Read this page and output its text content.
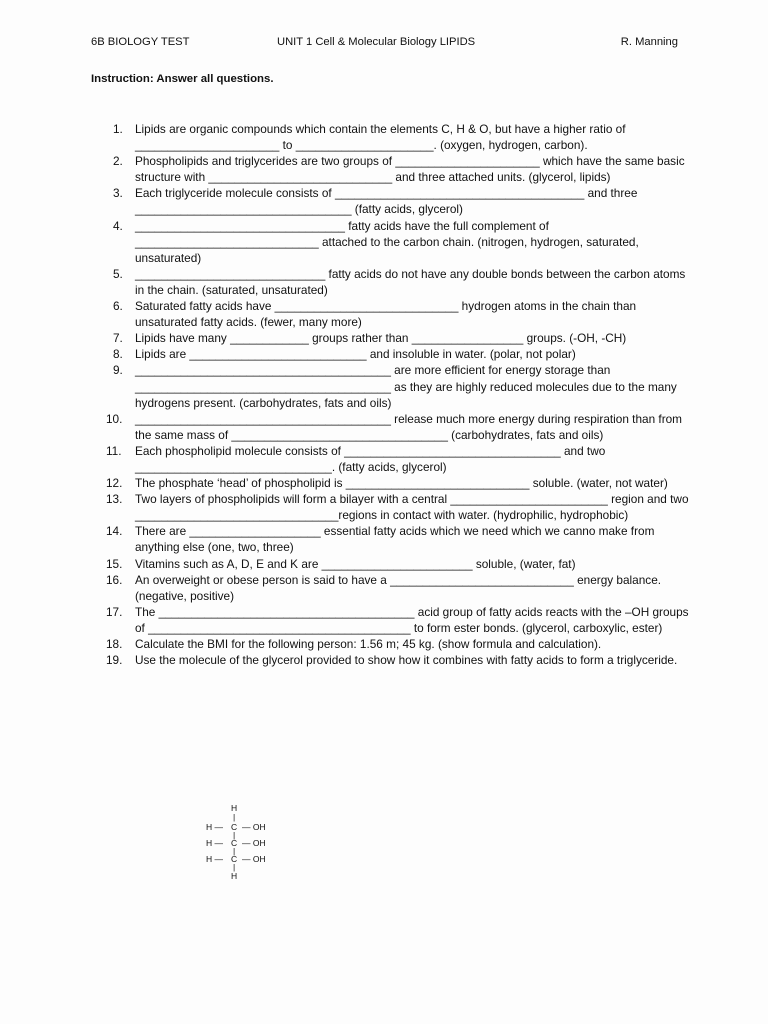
6B BIOLOGY TEST	UNIT 1 Cell & Molecular Biology LIPIDS	R. Manning
Instruction: Answer all questions.
1. Lipids are organic compounds which contain the elements C, H & O, but have a higher ratio of ______________________ to _____________________. (oxygen, hydrogen, carbon).
2. Phospholipids and triglycerides are two groups of ______________________ which have the same basic structure with ____________________________ and three attached units. (glycerol, lipids)
3. Each triglyceride molecule consists of ______________________________________ and three _________________________________ (fatty acids, glycerol)
4. ________________________________ fatty acids have the full complement of ____________________________ attached to the carbon chain. (nitrogen, hydrogen, saturated, unsaturated)
5. _____________________________ fatty acids do not have any double bonds between the carbon atoms in the chain. (saturated, unsaturated)
6. Saturated fatty acids have ____________________________ hydrogen atoms in the chain than unsaturated fatty acids. (fewer, many more)
7. Lipids have many ____________ groups rather than _________________ groups. (-OH, -CH)
8. Lipids are ___________________________ and insoluble in water. (polar, not polar)
9. _______________________________________ are more efficient for energy storage than _______________________________________ as they are highly reduced molecules due to the many hydrogens present. (carbohydrates, fats and oils)
10. _______________________________________ release much more energy during respiration than from the same mass of _________________________________ (carbohydrates, fats and oils)
11. Each phospholipid molecule consists of _________________________________ and two ______________________________. (fatty acids, glycerol)
12. The phosphate ‘head’ of phospholipid is ____________________________ soluble. (water, not water)
13. Two layers of phospholipids will form a bilayer with a central ________________________ region and two _______________________________regions in contact with water. (hydrophilic, hydrophobic)
14. There are ____________________ essential fatty acids which we need which we canno make from anything else (one, two, three)
15. Vitamins such as A, D, E and K are _______________________ soluble, (water, fat)
16. An overweight or obese person is said to have a ____________________________ energy balance. (negative, positive)
17. The _______________________________________ acid group of fatty acids reacts with the –OH groups of ________________________________________ to form ester bonds. (glycerol, carboxylic, ester)
18. Calculate the BMI for the following person: 1.56 m; 45 kg. (show formula and calculation).
19. Use the molecule of the glycerol provided to show how it combines with fatty acids to form a triglyceride.
H
|
H — C — OH
|
H — C — OH
|
H — C — OH
|
H
